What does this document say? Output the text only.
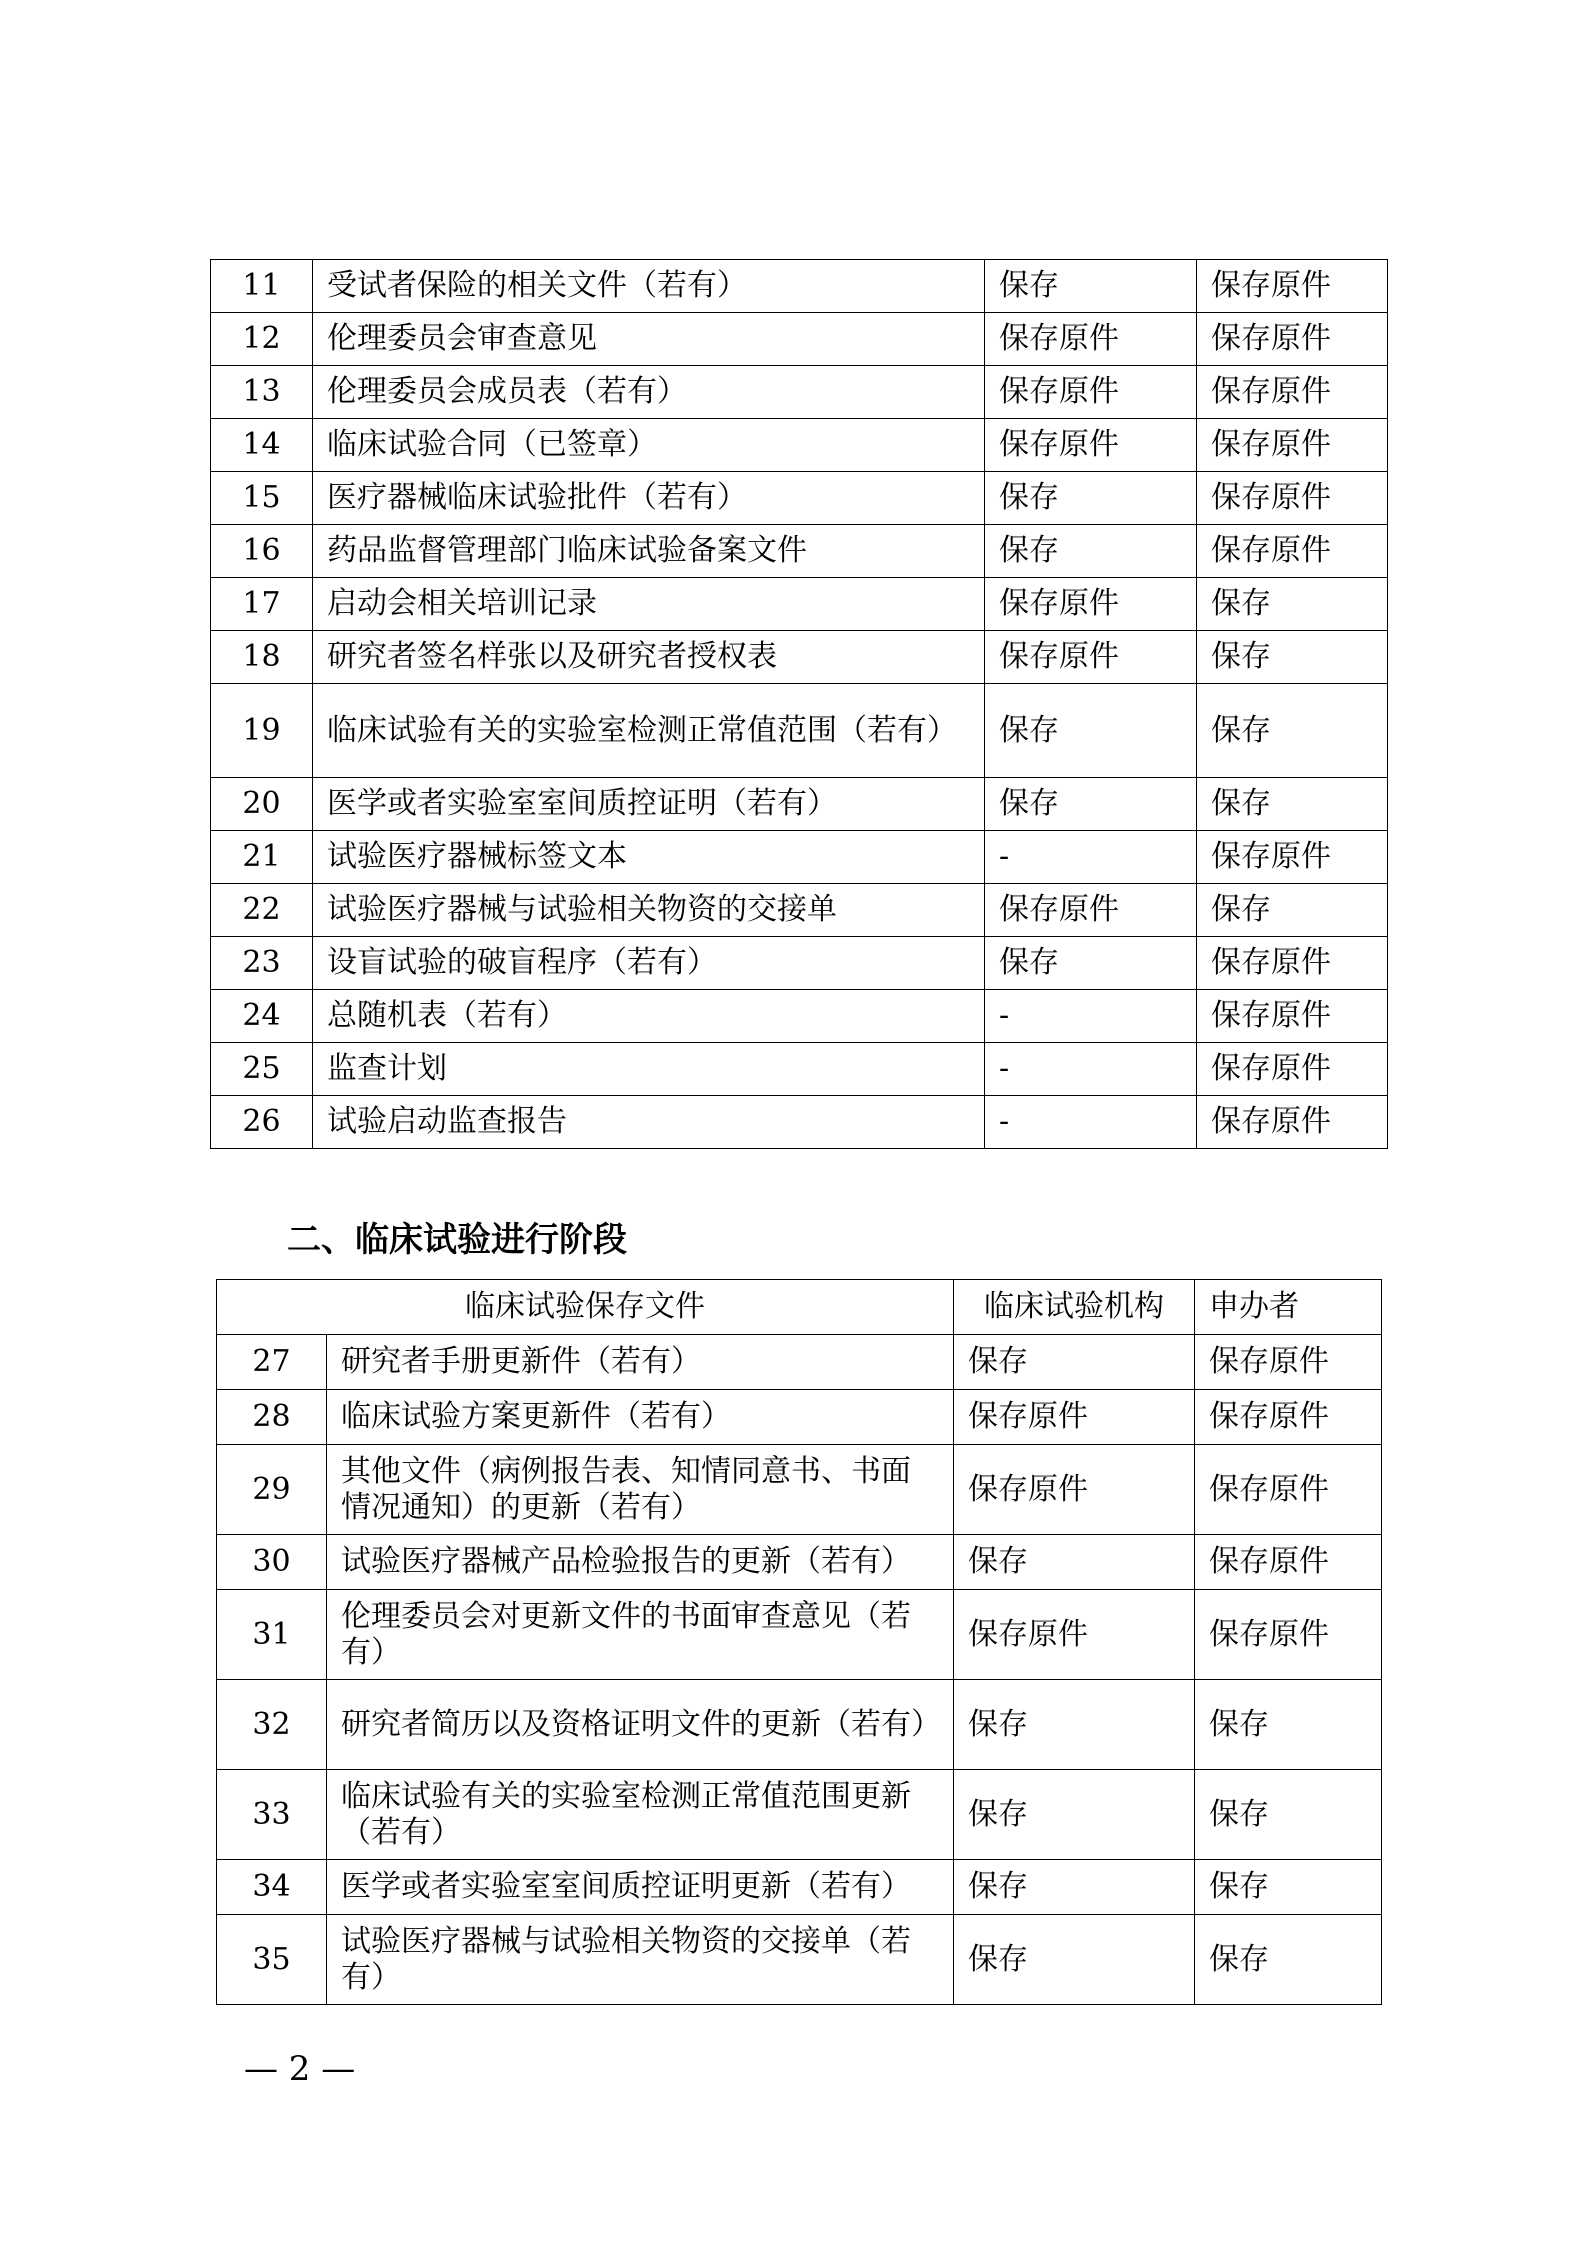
11	受试者保险的相关文件（若有）	保存	保存原件
12	伦理委员会审查意见	保存原件	保存原件
13	伦理委员会成员表（若有）	保存原件	保存原件
14	临床试验合同（已签章）	保存原件	保存原件
15	医疗器械临床试验批件（若有）	保存	保存原件
16	药品监督管理部门临床试验备案文件	保存	保存原件
17	启动会相关培训记录	保存原件	保存
18	研究者签名样张以及研究者授权表	保存原件	保存
19	临床试验有关的实验室检测正常值范围（若有）	保存	保存
20	医学或者实验室室间质控证明（若有）	保存	保存
21	试验医疗器械标签文本	-	保存原件
22	试验医疗器械与试验相关物资的交接单	保存原件	保存
23	设盲试验的破盲程序（若有）	保存	保存原件
24	总随机表（若有）	-	保存原件
25	监查计划	-	保存原件
26	试验启动监查报告	-	保存原件
二、临床试验进行阶段
临床试验保存文件		临床试验机构	申办者
27	研究者手册更新件（若有）	保存	保存原件
28	临床试验方案更新件（若有）	保存原件	保存原件
29	其他文件（病例报告表、知情同意书、书面情况通知）的更新（若有）	保存原件	保存原件
30	试验医疗器械产品检验报告的更新（若有）	保存	保存原件
31	伦理委员会对更新文件的书面审查意见（若有）	保存原件	保存原件
32	研究者简历以及资格证明文件的更新（若有）	保存	保存
33	临床试验有关的实验室检测正常值范围更新（若有）	保存	保存
34	医学或者实验室室间质控证明更新（若有）	保存	保存
35	试验医疗器械与试验相关物资的交接单（若有）	保存	保存
— 2 —
